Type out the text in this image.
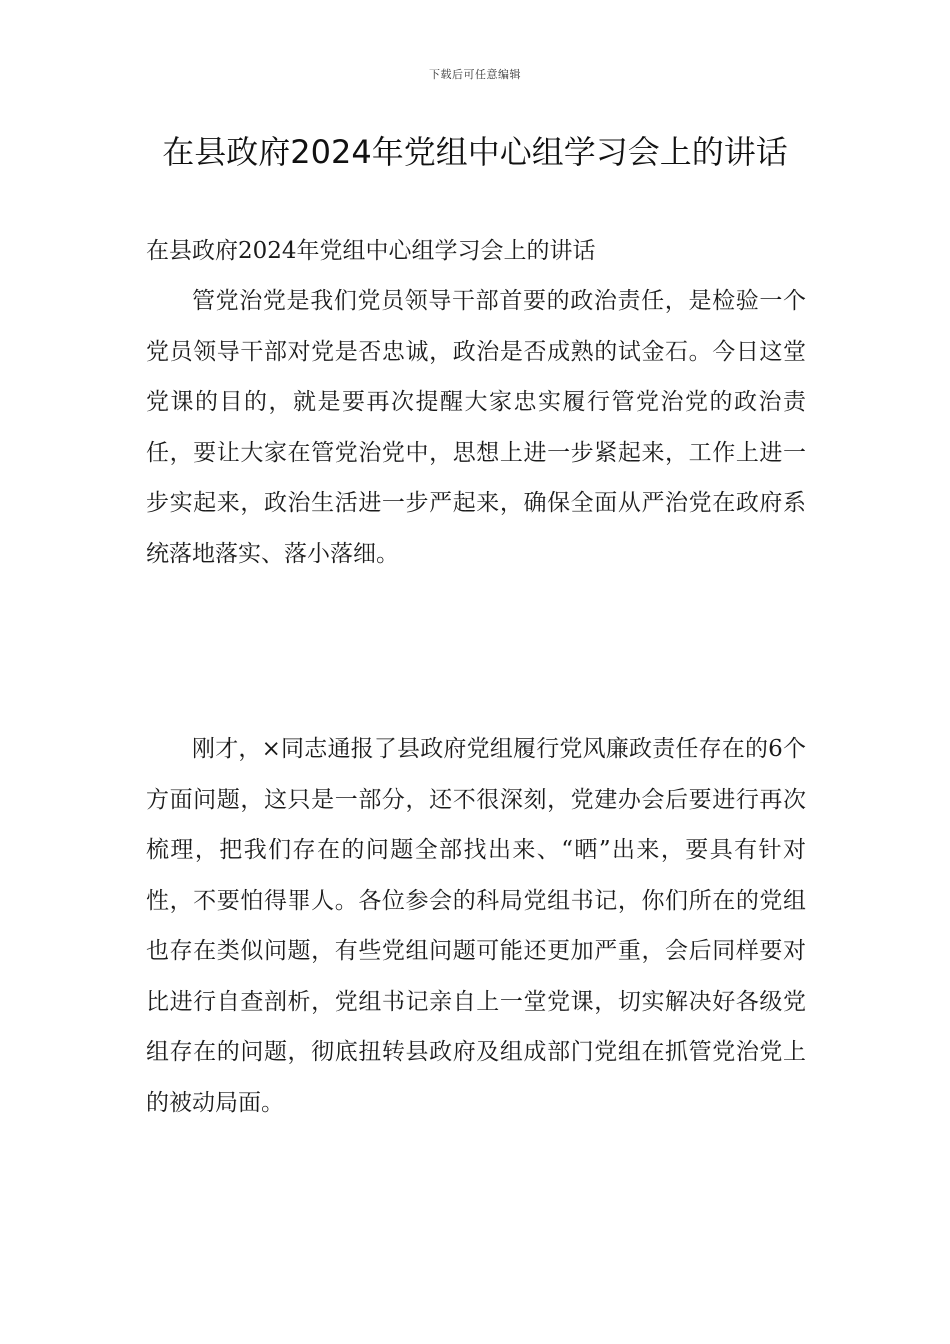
下载后可任意编辑
在县政府2024年党组中心组学习会上的讲话

在县政府2024年党组中心组学习会上的讲话

管党治党是我们党员领导干部首要的政治责任，是检验一个党员领导干部对党是否忠诚，政治是否成熟的试金石。今日这堂党课的目的，就是要再次提醒大家忠实履行管党治党的政治责任，要让大家在管党治党中，思想上进一步紧起来，工作上进一步实起来，政治生活进一步严起来，确保全面从严治党在政府系统落地落实、落小落细。

刚才，×同志通报了县政府党组履行党风廉政责任存在的6个方面问题，这只是一部分，还不很深刻，党建办会后要进行再次梳理，把我们存在的问题全部找出来、“晒”出来，要具有针对性，不要怕得罪人。各位参会的科局党组书记，你们所在的党组也存在类似问题，有些党组问题可能还更加严重，会后同样要对比进行自查剖析，党组书记亲自上一堂党课，切实解决好各级党组存在的问题，彻底扭转县政府及组成部门党组在抓管党治党上的被动局面。
